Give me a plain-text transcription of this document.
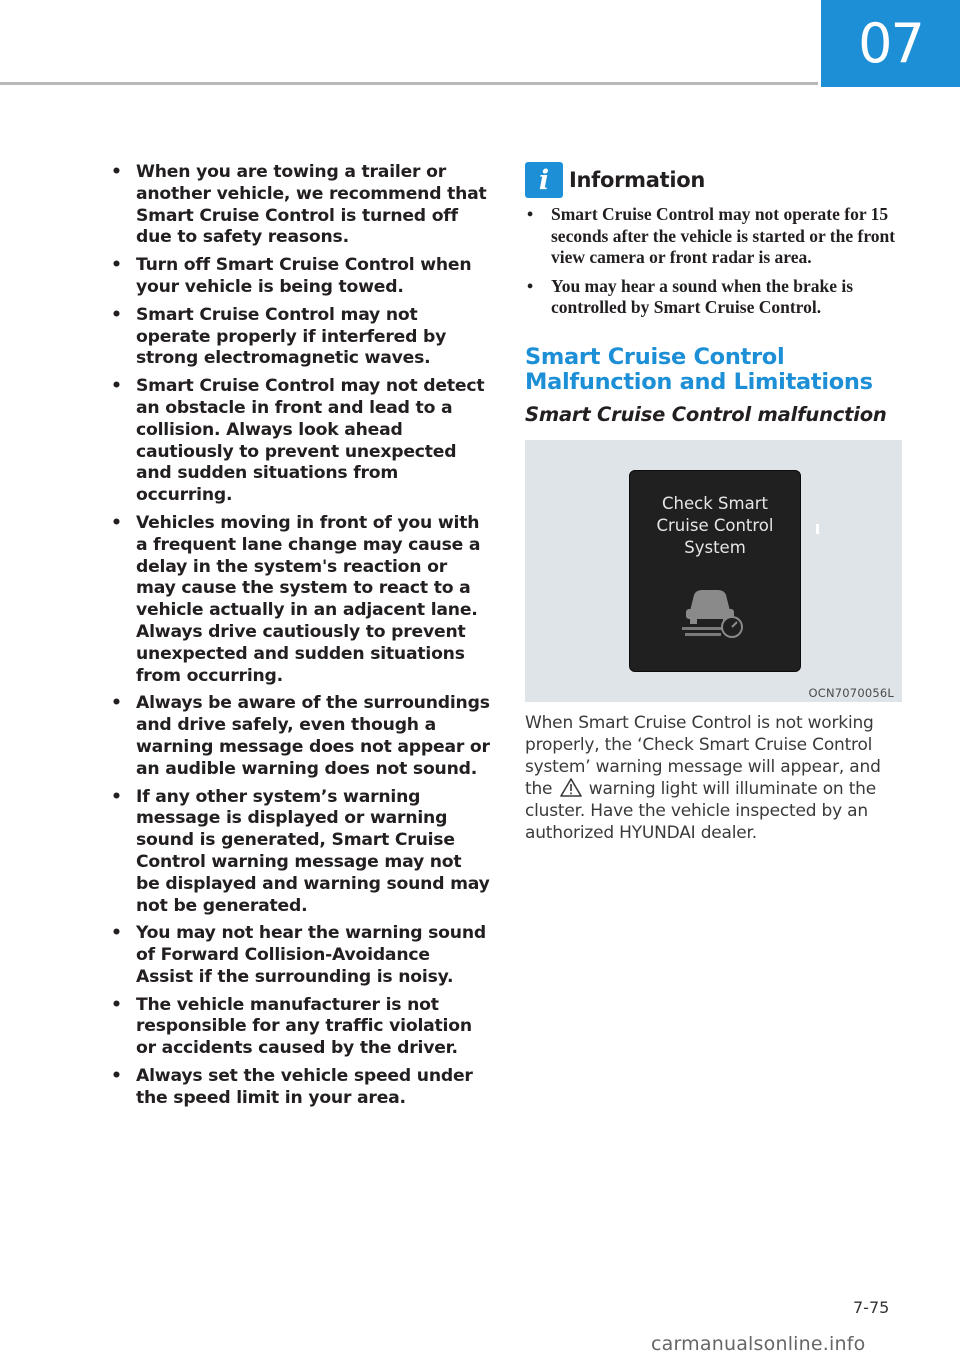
07
• When you are towing a trailer or another vehicle, we recommend that Smart Cruise Control is turned off due to safety reasons.
• Turn off Smart Cruise Control when your vehicle is being towed.
• Smart Cruise Control may not operate properly if interfered by strong electromagnetic waves.
• Smart Cruise Control may not detect an obstacle in front and lead to a collision. Always look ahead cautiously to prevent unexpected and sudden situations from occurring.
• Vehicles moving in front of you with a frequent lane change may cause a delay in the system's reaction or may cause the system to react to a vehicle actually in an adjacent lane. Always drive cautiously to prevent unexpected and sudden situations from occurring.
• Always be aware of the surroundings and drive safely, even though a warning message does not appear or an audible warning does not sound.
• If any other system’s warning message is displayed or warning sound is generated, Smart Cruise Control warning message may not be displayed and warning sound may not be generated.
• You may not hear the warning sound of Forward Collision-Avoidance Assist if the surrounding is noisy.
• The vehicle manufacturer is not responsible for any traffic violation or accidents caused by the driver.
• Always set the vehicle speed under the speed limit in your area.
i Information
• Smart Cruise Control may not operate for 15 seconds after the vehicle is started or the front view camera or front radar is area.
• You may hear a sound when the brake is controlled by Smart Cruise Control.
Smart Cruise Control
Malfunction and Limitations
Smart Cruise Control malfunction
Check Smart
Cruise Control
System
OCN7070056L
When Smart Cruise Control is not working properly, the ‘Check Smart Cruise Control system’ warning message will appear, and the warning light will illuminate on the cluster. Have the vehicle inspected by an authorized HYUNDAI dealer.
7-75
carmanualsonline.info
